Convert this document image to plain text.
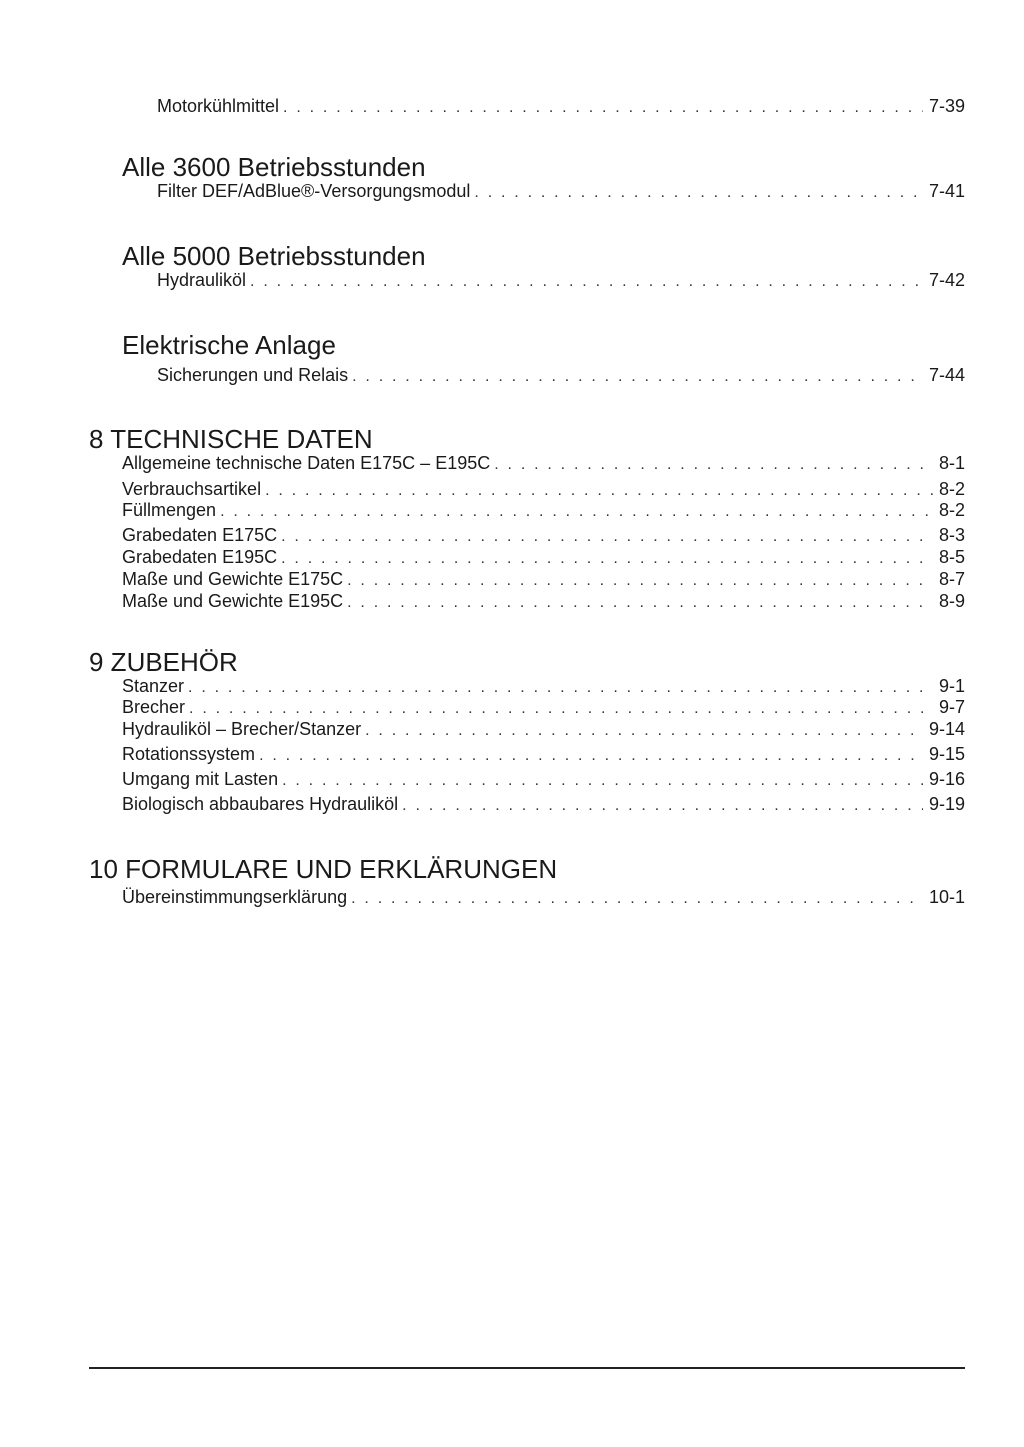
Motorkühlmittel . . .	7-39
Alle 3600 Betriebsstunden
Filter DEF/AdBlue®-Versorgungsmodul . . .	7-41
Alle 5000 Betriebsstunden
Hydrauliköl . . .	7-42
Elektrische Anlage
Sicherungen und Relais . . .	7-44
8 TECHNISCHE DATEN
Allgemeine technische Daten E175C – E195C . . .	8-1
Verbrauchsartikel . . .	8-2
Füllmengen . . .	8-2
Grabedaten E175C . . .	8-3
Grabedaten E195C . . .	8-5
Maße und Gewichte E175C . . .	8-7
Maße und Gewichte E195C . . .	8-9
9 ZUBEHÖR
Stanzer . . .	9-1
Brecher . . .	9-7
Hydrauliköl – Brecher/Stanzer . . .	9-14
Rotationssystem . . .	9-15
Umgang mit Lasten . . .	9-16
Biologisch abbaubares Hydrauliköl . . .	9-19
10 FORMULARE UND ERKLÄRUNGEN
Übereinstimmungserklärung . . .	10-1
